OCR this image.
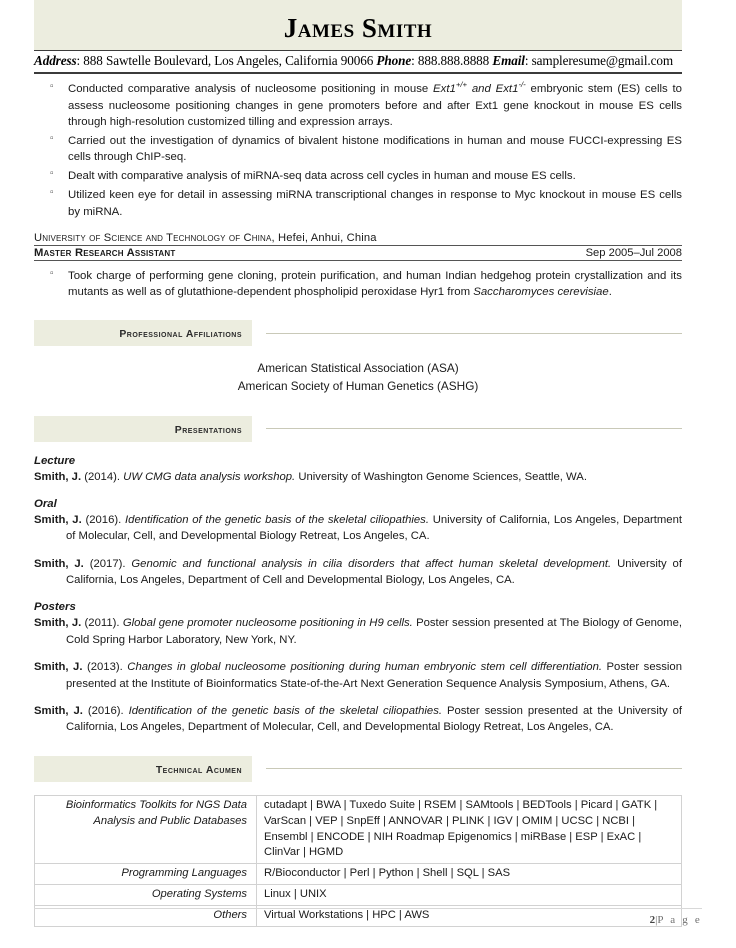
James Smith
Address: 888 Sawtelle Boulevard, Los Angeles, California 90066 Phone: 888.888.8888 Email: sampleresume@gmail.com
▫ Conducted comparative analysis of nucleosome positioning in mouse Ext1+/+ and Ext1-/- embryonic stem (ES) cells to assess nucleosome positioning changes in gene promoters before and after Ext1 gene knockout in mouse ES cells through high-resolution customized tilling and expression arrays.
▫ Carried out the investigation of dynamics of bivalent histone modifications in human and mouse FUCCI-expressing ES cells through ChIP-seq.
▫ Dealt with comparative analysis of miRNA-seq data across cell cycles in human and mouse ES cells.
▫ Utilized keen eye for detail in assessing miRNA transcriptional changes in response to Myc knockout in mouse ES cells by miRNA.
University of Science and Technology of China, Hefei, Anhui, China
Master Research Assistant	Sep 2005–Jul 2008
▫ Took charge of performing gene cloning, protein purification, and human Indian hedgehog protein crystallization and its mutants as well as of glutathione-dependent phospholipid peroxidase Hyr1 from Saccharomyces cerevisiae.
Professional Affiliations
American Statistical Association (ASA)
American Society of Human Genetics (ASHG)
Presentations
Lecture
Smith, J. (2014). UW CMG data analysis workshop. University of Washington Genome Sciences, Seattle, WA.
Oral
Smith, J. (2016). Identification of the genetic basis of the skeletal ciliopathies. University of California, Los Angeles, Department of Molecular, Cell, and Developmental Biology Retreat, Los Angeles, CA.
Smith, J. (2017). Genomic and functional analysis in cilia disorders that affect human skeletal development. University of California, Los Angeles, Department of Cell and Developmental Biology, Los Angeles, CA.
Posters
Smith, J. (2011). Global gene promoter nucleosome positioning in H9 cells. Poster session presented at The Biology of Genome, Cold Spring Harbor Laboratory, New York, NY.
Smith, J. (2013). Changes in global nucleosome positioning during human embryonic stem cell differentiation. Poster session presented at the Institute of Bioinformatics State-of-the-Art Next Generation Sequence Analysis Symposium, Athens, GA.
Smith, J. (2016). Identification of the genetic basis of the skeletal ciliopathies. Poster session presented at the University of California, Los Angeles, Department of Molecular, Cell, and Developmental Biology Retreat, Los Angeles, CA.
Technical Acumen
Bioinformatics Toolkits for NGS Data Analysis and Public Databases	cutadapt | BWA | Tuxedo Suite | RSEM | SAMtools | BEDTools | Picard | GATK | VarScan | VEP | SnpEff | ANNOVAR | PLINK | IGV | OMIM | UCSC | NCBI | Ensembl | ENCODE | NIH Roadmap Epigenomics | miRBase | ESP | ExAC | ClinVar | HGMD
Programming Languages	R/Bioconductor | Perl | Python | Shell | SQL | SAS
Operating Systems	Linux | UNIX
Others	Virtual Workstations | HPC | AWS	2|P a g e
